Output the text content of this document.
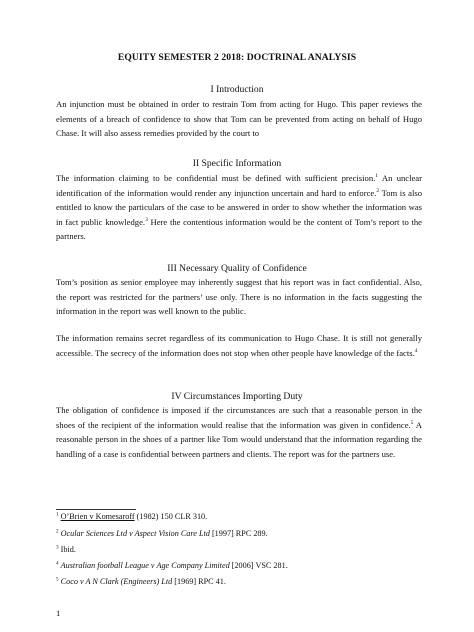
EQUITY SEMESTER 2 2018: DOCTRINAL ANALYSIS
I Introduction
An injunction must be obtained in order to restrain Tom from acting for Hugo. This paper reviews the elements of a breach of confidence to show that Tom can be prevented from acting on behalf of Hugo Chase. It will also assess remedies provided by the court to
II Specific Information
The information claiming to be confidential must be defined with sufficient precision.$^1$ An unclear identification of the information would render any injunction uncertain and hard to enforce.$^2$ Tom is also entitled to know the particulars of the case to be answered in order to show whether the information was in fact public knowledge.$^3$ Here the contentious information would be the content of Tom’s report to the partners.
III Necessary Quality of Confidence
Tom’s position as senior employee may inherently suggest that his report was in fact confidential. Also, the report was restricted for the partners’ use only. There is no information in the facts suggesting the information in the report was well known to the public.
The information remains secret regardless of its communication to Hugo Chase. It is still not generally accessible. The secrecy of the information does not stop when other people have knowledge of the facts.$^4$
IV Circumstances Importing Duty
The obligation of confidence is imposed if the circumstances are such that a reasonable person in the shoes of the recipient of the information would realise that the information was given in confidence.$^5$ A reasonable person in the shoes of a partner like Tom would understand that the information regarding the handling of a case is confidential between partners and clients. The report was for the partners use.
$^1$ O’Brien v Komesaroff (1982) 150 CLR 310.
$^2$ Ocular Sciences Ltd v Aspect Vision Care Ltd [1997] RPC 289.
$^3$ Ibid.
$^4$ Australian football League v Age Company Limited [2006] VSC 281.
$^5$ Coco v A N Clark (Engineers) Ltd [1969] RPC 41.
1
